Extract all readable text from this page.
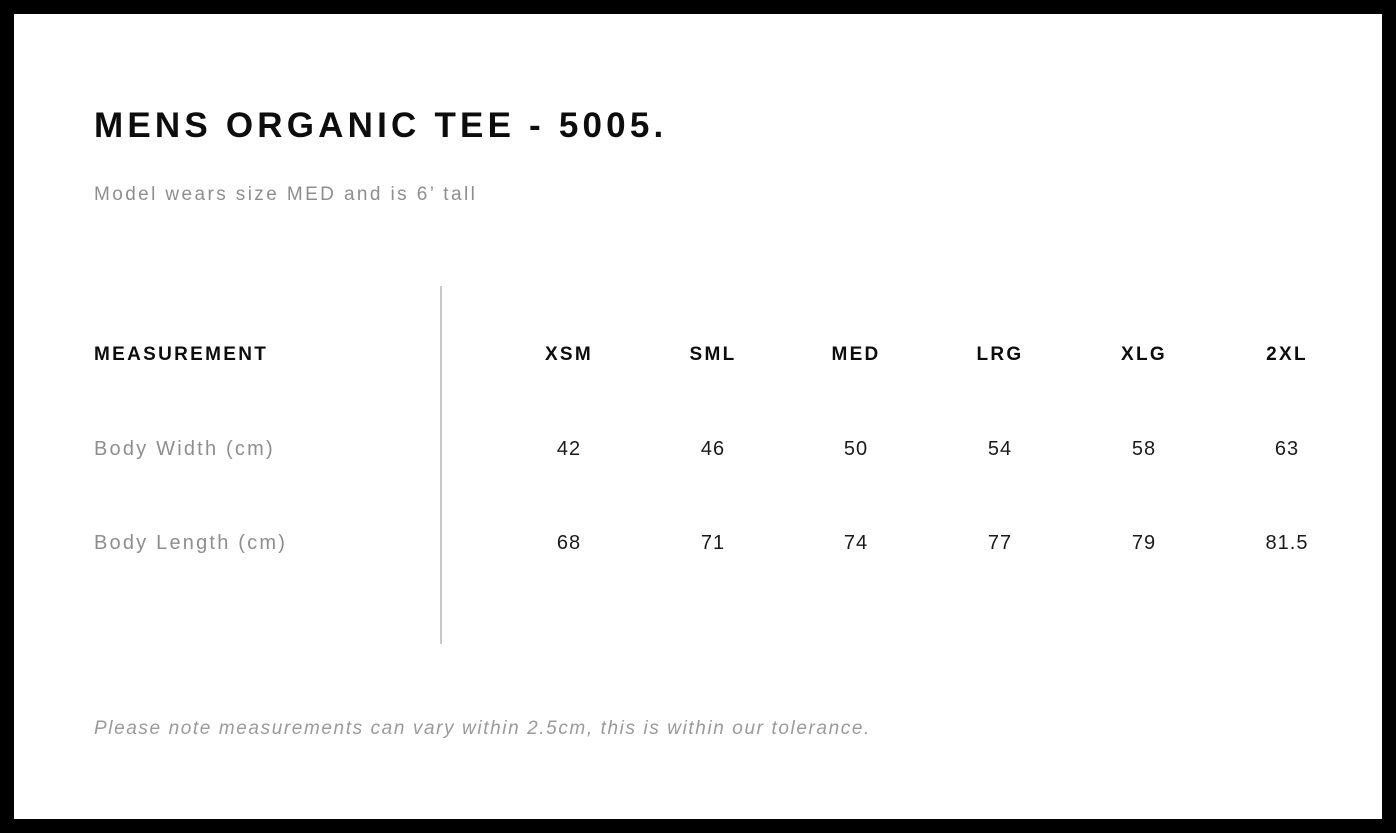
MENS ORGANIC TEE - 5005.
Model wears size MED and is 6’ tall
MEASUREMENT	XSM	SML	MED	LRG	XLG	2XL
Body Width (cm)	42	46	50	54	58	63
Body Length (cm)	68	71	74	77	79	81.5
Please note measurements can vary within 2.5cm, this is within our tolerance.
